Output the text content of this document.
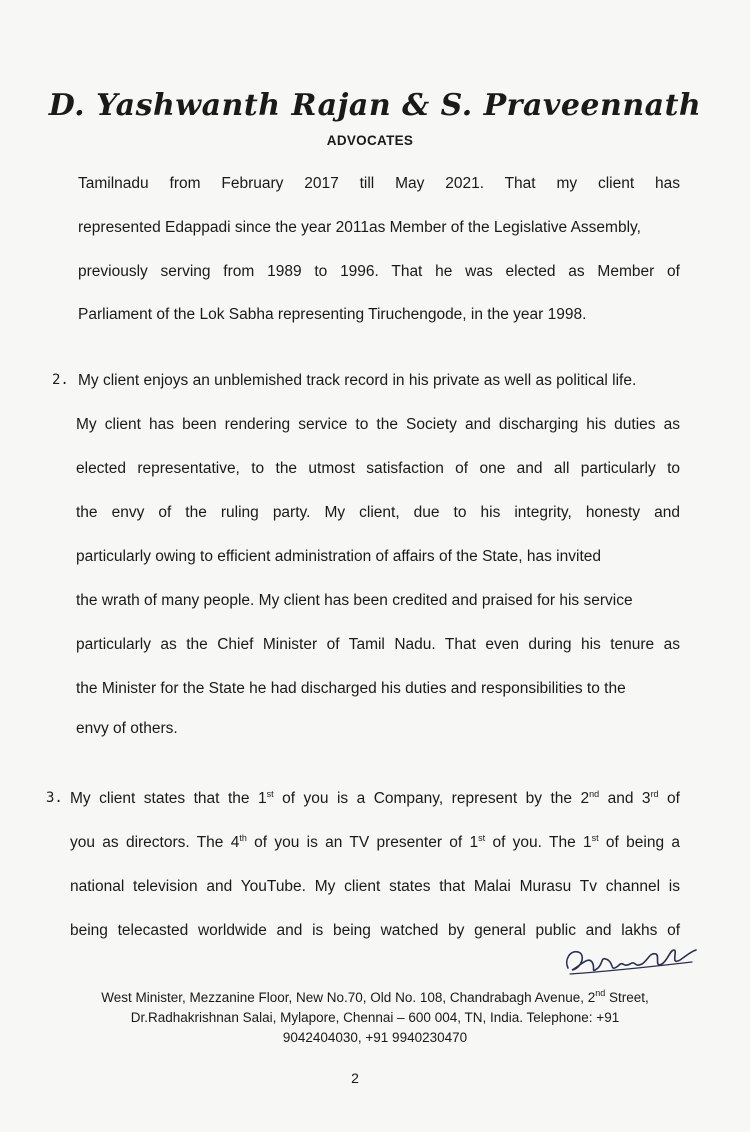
D. Yashwanth Rajan & S. Praveennath
ADVOCATES
Tamilnadu from February 2017 till May 2021. That my client has
represented Edappadi since the year 2011as Member of the Legislative Assembly,
previously serving from 1989 to 1996. That he was elected as Member of
Parliament of the Lok Sabha representing Tiruchengode, in the year 1998.
2. My client enjoys an unblemished track record in his private as well as political life.
My client has been rendering service to the Society and discharging his duties as
elected representative, to the utmost satisfaction of one and all particularly to
the envy of the ruling party. My client, due to his integrity, honesty and
particularly owing to efficient administration of affairs of the State, has invited
the wrath of many people. My client has been credited and praised for his service
particularly as the Chief Minister of Tamil Nadu. That even during his tenure as
the Minister for the State he had discharged his duties and responsibilities to the
envy of others.
3. My client states that the 1st of you is a Company, represent by the 2nd and 3rd of
you as directors. The 4th of you is an TV presenter of 1st of you. The 1st of being a
national television and YouTube. My client states that Malai Murasu Tv channel is
being telecasted worldwide and is being watched by general public and lakhs of
West Minister, Mezzanine Floor, New No.70, Old No. 108, Chandrabagh Avenue, 2nd Street,
Dr.Radhakrishnan Salai, Mylapore, Chennai – 600 004, TN, India. Telephone: +91
9042404030, +91 9940230470
2
